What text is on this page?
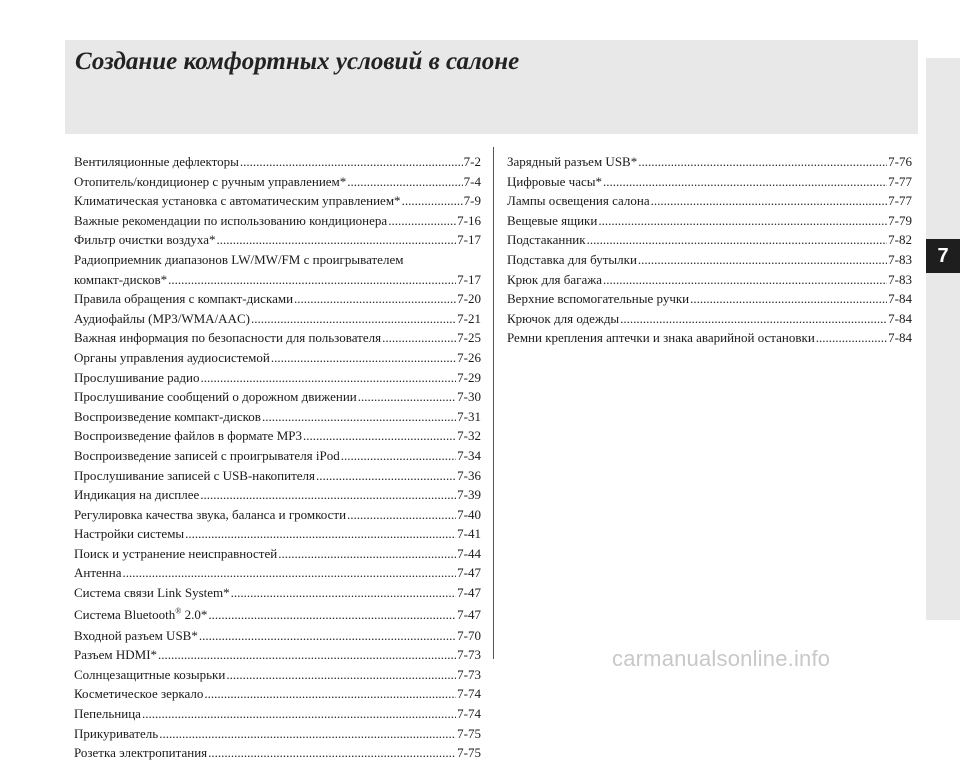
Создание комфортных условий в салоне
7
Вентиляционные дефлекторы .....	7-2
Отопитель/кондиционер с ручным управлением* .....	7-4
Климатическая установка с автоматическим управлением* .....	7-9
Важные рекомендации по использованию кондиционера .....	7-16
Фильтр очистки воздуха* .....	7-17
Радиоприемник диапазонов LW/MW/FM с проигрывателем
компакт-дисков* .....	7-17
Правила обращения с компакт-дисками .....	7-20
Аудиофайлы (MP3/WMA/AAC) .....	7-21
Важная информация по безопасности для пользователя .....	7-25
Органы управления аудиосистемой .....	7-26
Прослушивание радио .....	7-29
Прослушивание сообщений о дорожном движении .....	7-30
Воспроизведение компакт-дисков .....	7-31
Воспроизведение файлов в формате MP3 .....	7-32
Воспроизведение записей с проигрывателя iPod .....	7-34
Прослушивание записей с USB-накопителя .....	7-36
Индикация на дисплее .....	7-39
Регулировка качества звука, баланса и громкости .....	7-40
Настройки системы .....	7-41
Поиск и устранение неисправностей .....	7-44
Антенна .....	7-47
Система связи Link System* .....	7-47
Система Bluetooth® 2.0* .....	7-47
Входной разъем USB* .....	7-70
Разъем HDMI* .....	7-73
Солнцезащитные козырьки .....	7-73
Косметическое зеркало .....	7-74
Пепельница .....	7-74
Прикуриватель .....	7-75
Розетка электропитания .....	7-75
Зарядный разъем USB* .....	7-76
Цифровые часы* .....	7-77
Лампы освещения салона .....	7-77
Вещевые ящики .....	7-79
Подстаканник .....	7-82
Подставка для бутылки .....	7-83
Крюк для багажа .....	7-83
Верхние вспомогательные ручки .....	7-84
Крючок для одежды .....	7-84
Ремни крепления аптечки и знака аварийной остановки .....	7-84
carmanualsonline.info
